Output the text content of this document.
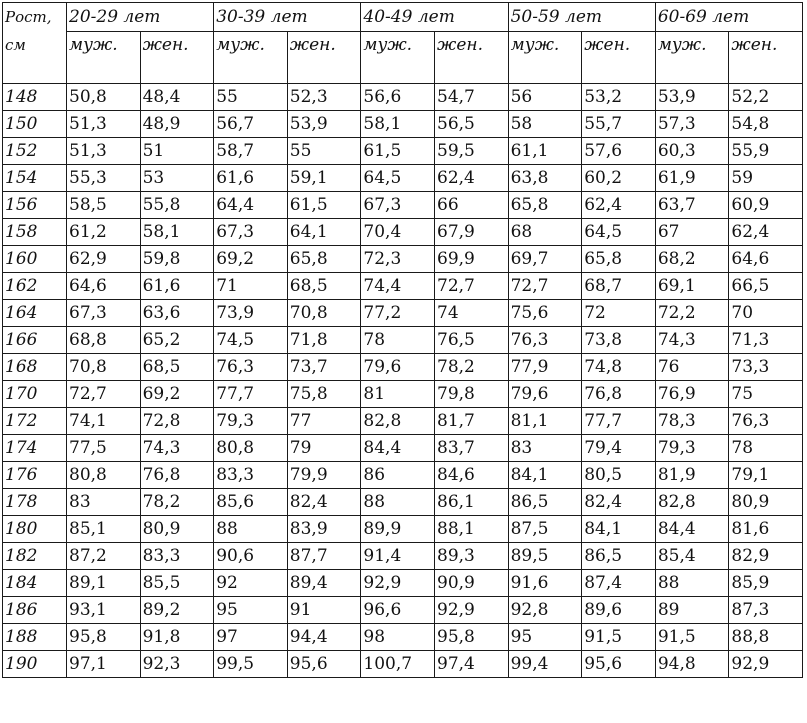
Рост,
см	20-29 лет		30-39 лет		40-49 лет		50-59 лет		60-69 лет	
	муж.	жен.	муж.	жен.	муж.	жен.	муж.	жен.	муж.	жен.
148	50,8	48,4	55	52,3	56,6	54,7	56	53,2	53,9	52,2
150	51,3	48,9	56,7	53,9	58,1	56,5	58	55,7	57,3	54,8
152	51,3	51	58,7	55	61,5	59,5	61,1	57,6	60,3	55,9
154	55,3	53	61,6	59,1	64,5	62,4	63,8	60,2	61,9	59
156	58,5	55,8	64,4	61,5	67,3	66	65,8	62,4	63,7	60,9
158	61,2	58,1	67,3	64,1	70,4	67,9	68	64,5	67	62,4
160	62,9	59,8	69,2	65,8	72,3	69,9	69,7	65,8	68,2	64,6
162	64,6	61,6	71	68,5	74,4	72,7	72,7	68,7	69,1	66,5
164	67,3	63,6	73,9	70,8	77,2	74	75,6	72	72,2	70
166	68,8	65,2	74,5	71,8	78	76,5	76,3	73,8	74,3	71,3
168	70,8	68,5	76,3	73,7	79,6	78,2	77,9	74,8	76	73,3
170	72,7	69,2	77,7	75,8	81	79,8	79,6	76,8	76,9	75
172	74,1	72,8	79,3	77	82,8	81,7	81,1	77,7	78,3	76,3
174	77,5	74,3	80,8	79	84,4	83,7	83	79,4	79,3	78
176	80,8	76,8	83,3	79,9	86	84,6	84,1	80,5	81,9	79,1
178	83	78,2	85,6	82,4	88	86,1	86,5	82,4	82,8	80,9
180	85,1	80,9	88	83,9	89,9	88,1	87,5	84,1	84,4	81,6
182	87,2	83,3	90,6	87,7	91,4	89,3	89,5	86,5	85,4	82,9
184	89,1	85,5	92	89,4	92,9	90,9	91,6	87,4	88	85,9
186	93,1	89,2	95	91	96,6	92,9	92,8	89,6	89	87,3
188	95,8	91,8	97	94,4	98	95,8	95	91,5	91,5	88,8
190	97,1	92,3	99,5	95,6	100,7	97,4	99,4	95,6	94,8	92,9
